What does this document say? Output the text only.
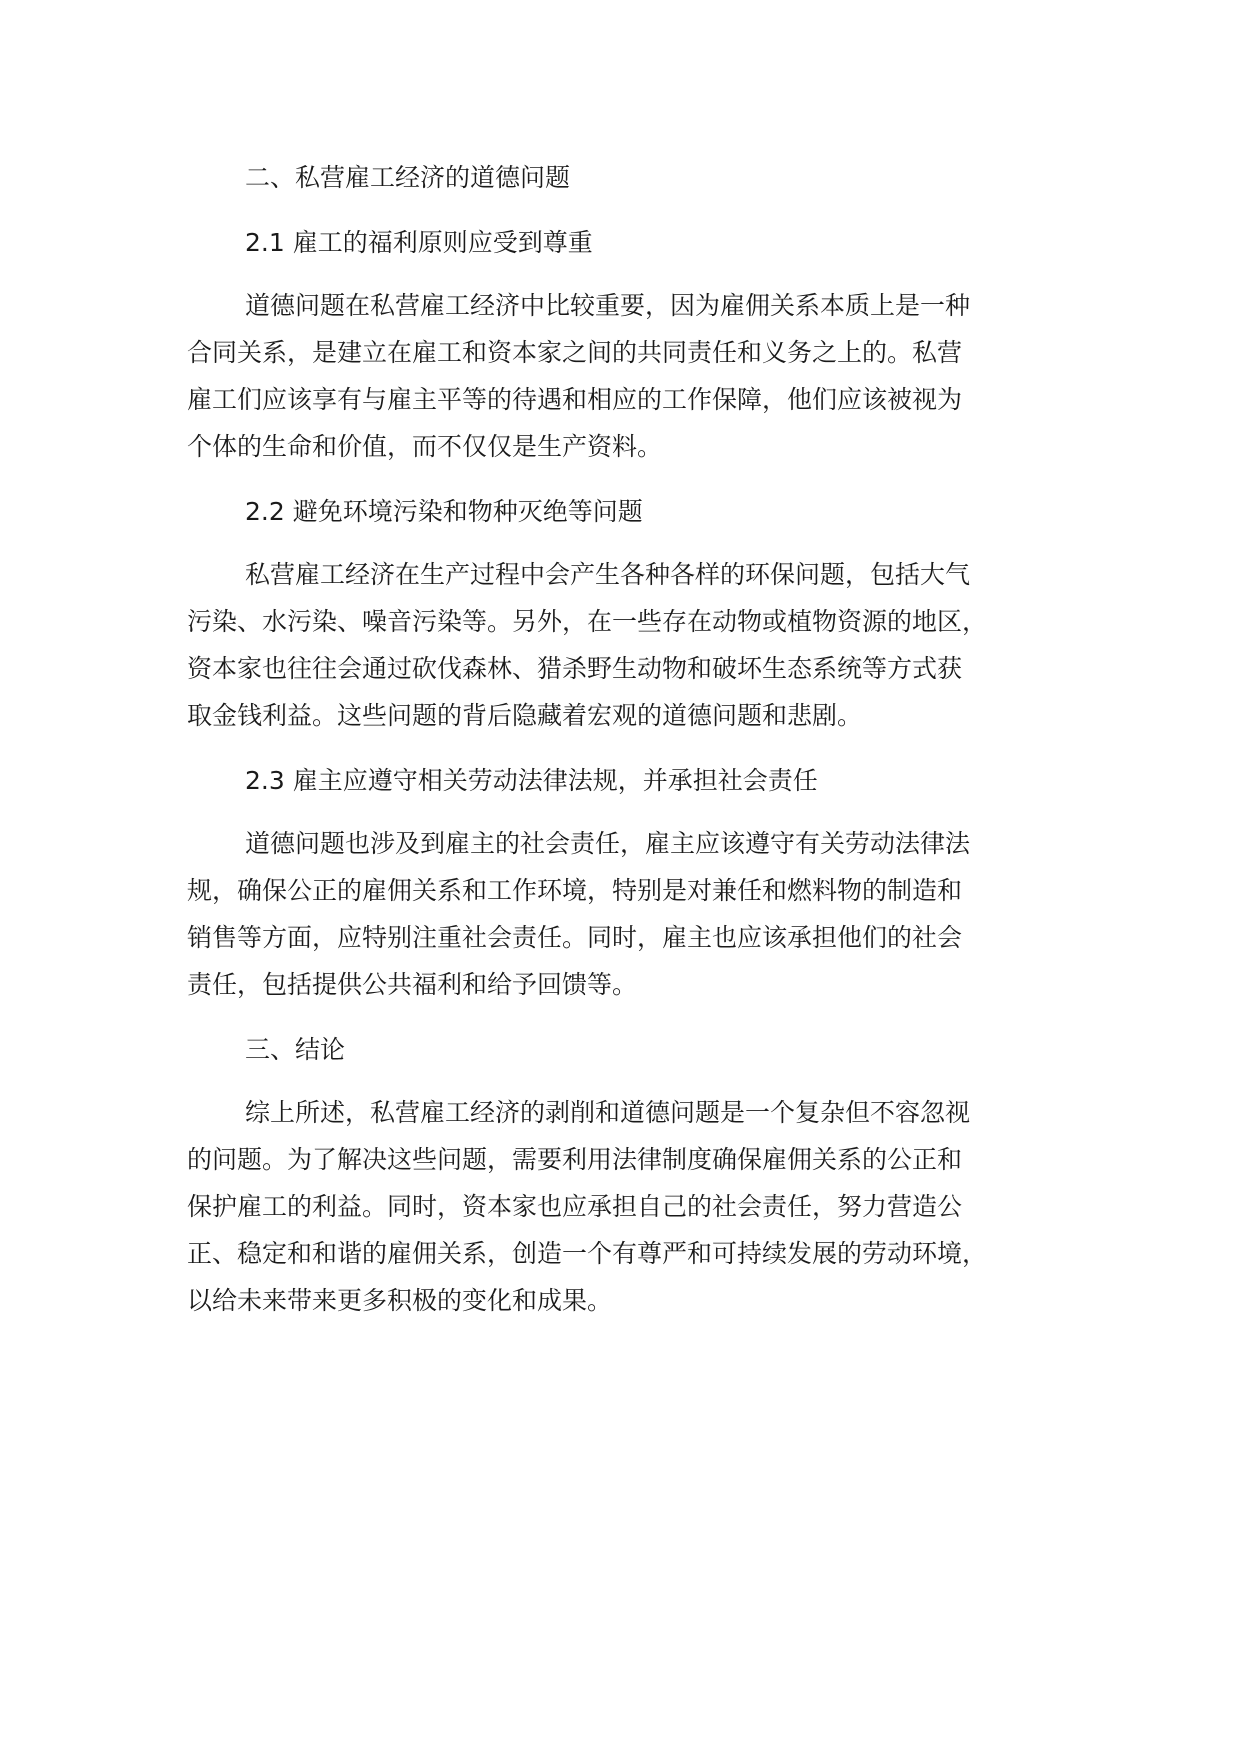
二、私营雇工经济的道德问题
2.1 雇工的福利原则应受到尊重

道德问题在私营雇工经济中比较重要，因为雇佣关系本质上是一种
合同关系，是建立在雇工和资本家之间的共同责任和义务之上的。私营
雇工们应该享有与雇主平等的待遇和相应的工作保障，他们应该被视为
个体的生命和价值，而不仅仅是生产资料。

2.2 避免环境污染和物种灭绝等问题

私营雇工经济在生产过程中会产生各种各样的环保问题，包括大气
污染、水污染、噪音污染等。另外，在一些存在动物或植物资源的地区，
资本家也往往会通过砍伐森林、猎杀野生动物和破坏生态系统等方式获
取金钱利益。这些问题的背后隐藏着宏观的道德问题和悲剧。

2.3 雇主应遵守相关劳动法律法规，并承担社会责任

道德问题也涉及到雇主的社会责任，雇主应该遵守有关劳动法律法
规，确保公正的雇佣关系和工作环境，特别是对兼任和燃料物的制造和
销售等方面，应特别注重社会责任。同时，雇主也应该承担他们的社会
责任，包括提供公共福利和给予回馈等。

三、结论

综上所述，私营雇工经济的剥削和道德问题是一个复杂但不容忽视
的问题。为了解决这些问题，需要利用法律制度确保雇佣关系的公正和
保护雇工的利益。同时，资本家也应承担自己的社会责任，努力营造公
正、稳定和和谐的雇佣关系，创造一个有尊严和可持续发展的劳动环境，
以给未来带来更多积极的变化和成果。
